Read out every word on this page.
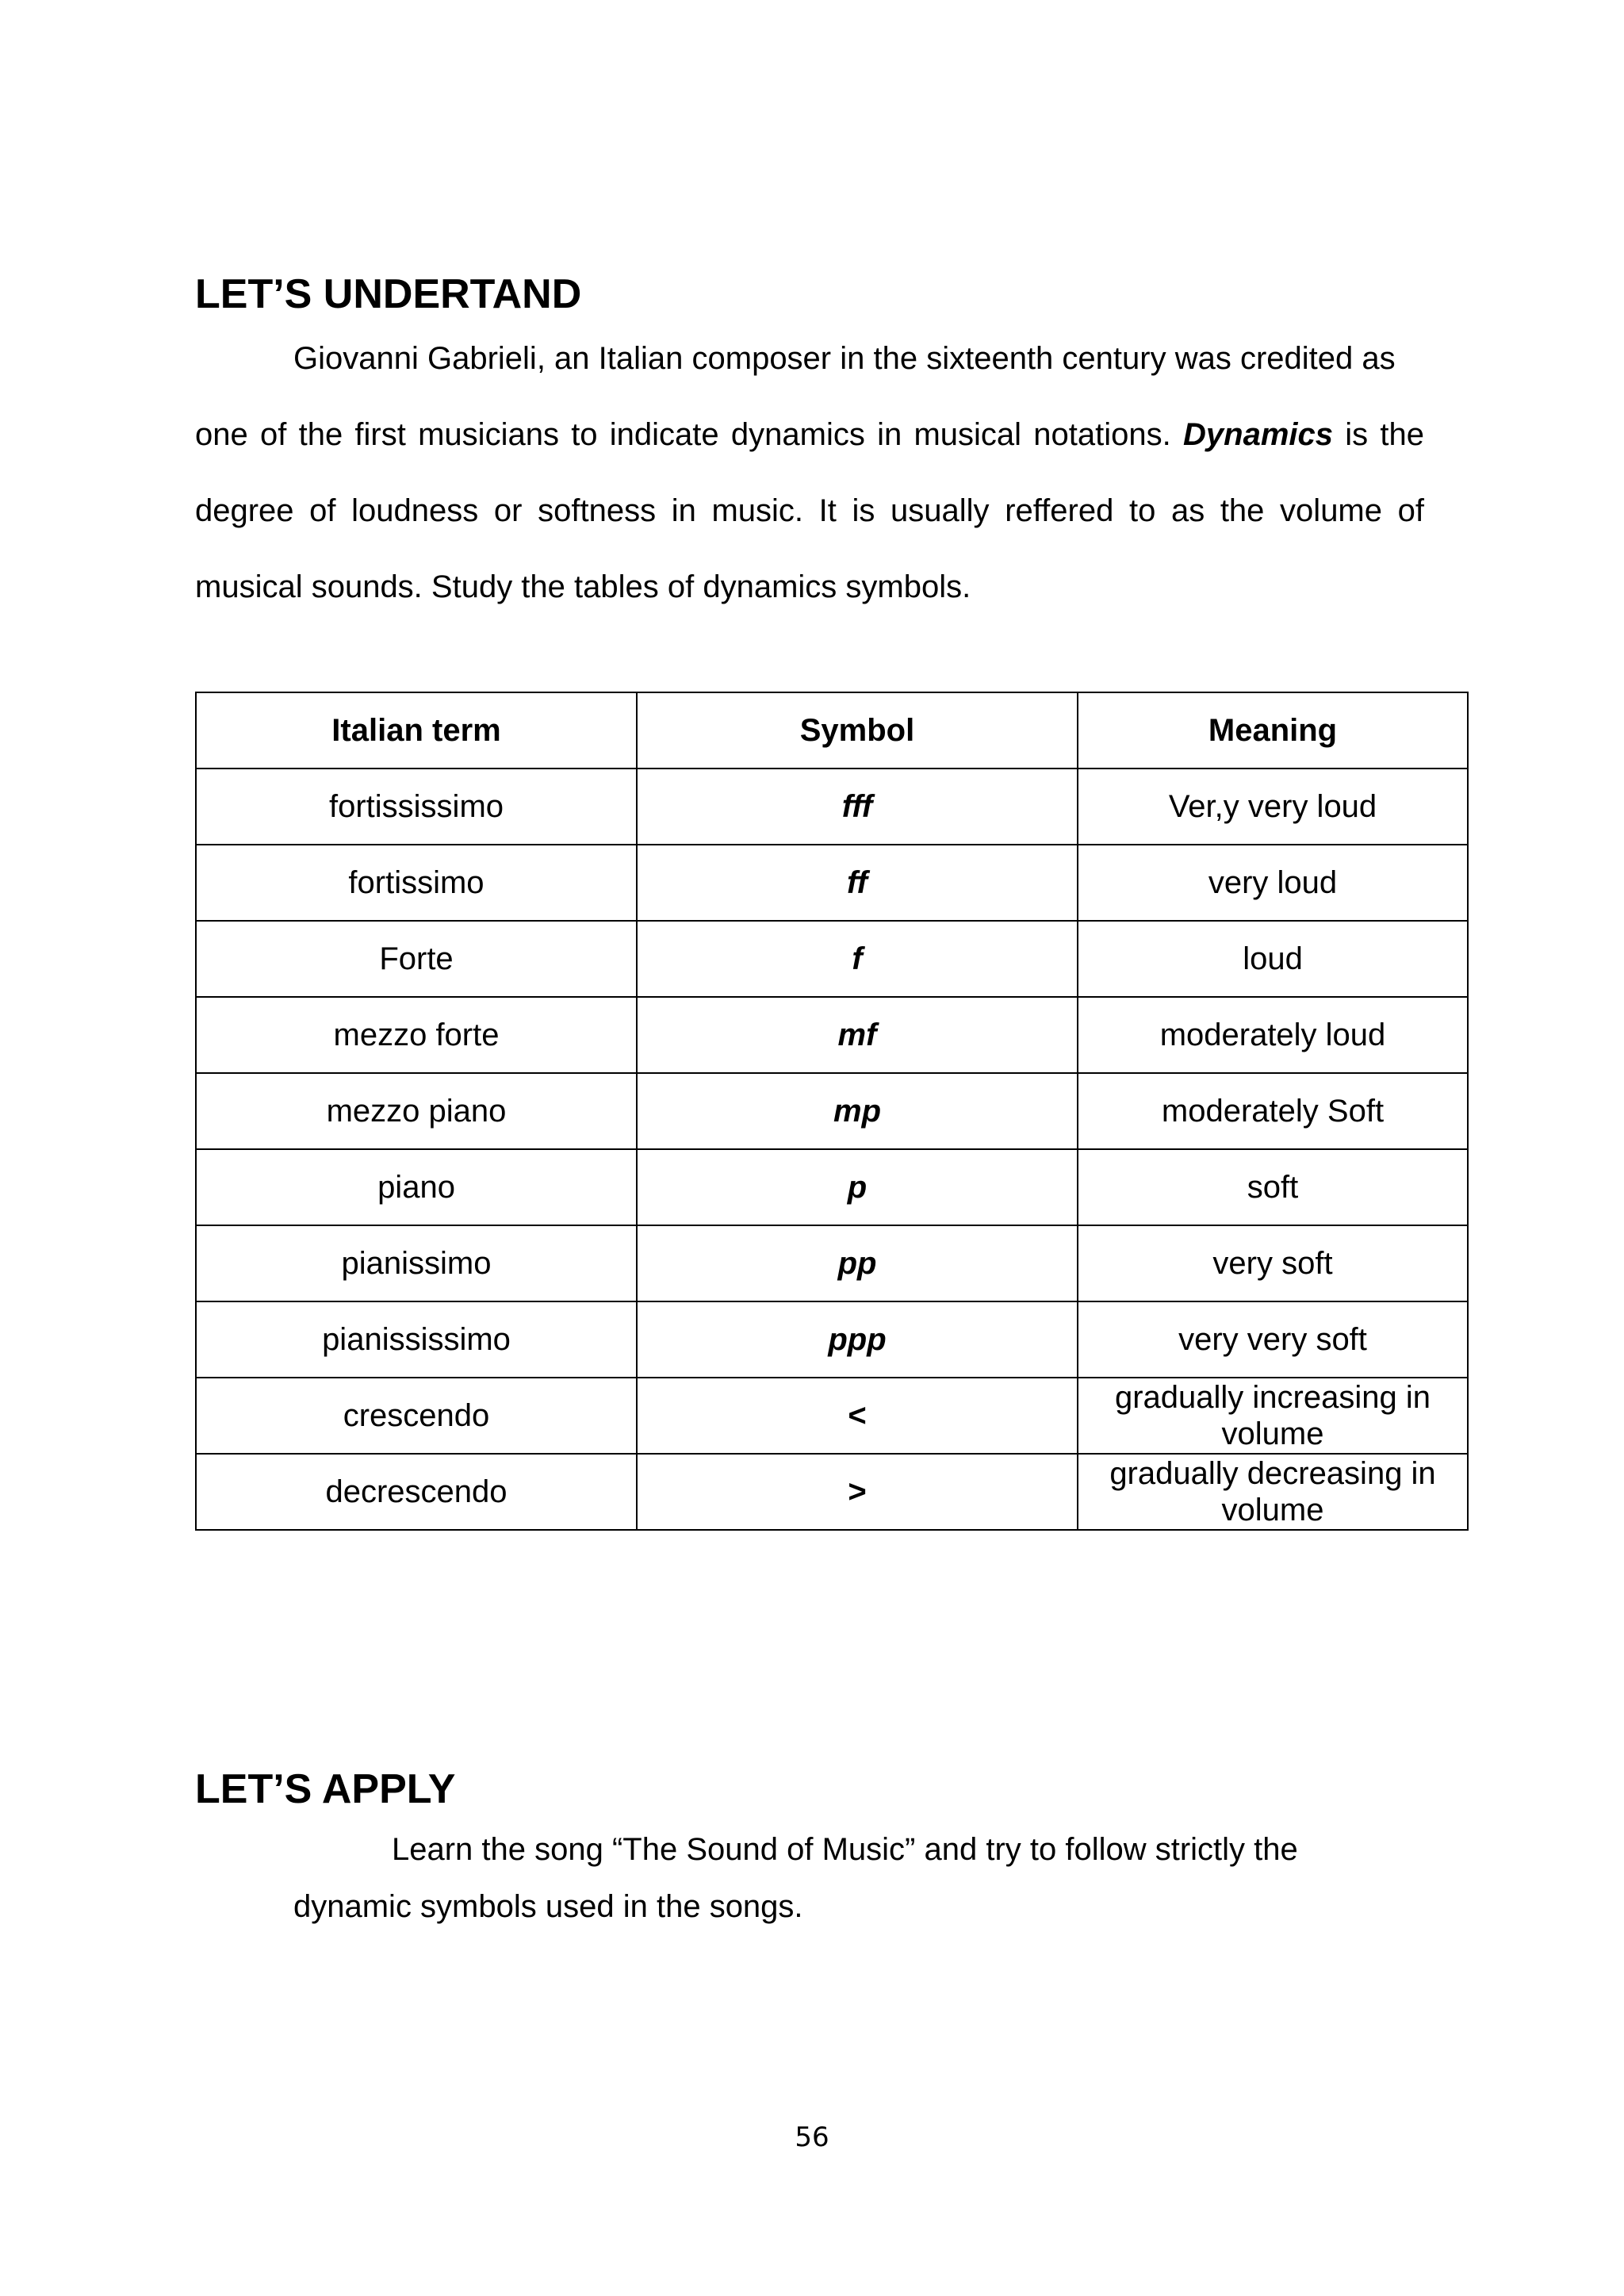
LET’S UNDERTAND
Giovanni Gabrieli, an Italian composer in the sixteenth century was credited as
one of the first musicians to indicate dynamics in musical notations. Dynamics is the
degree of loudness or softness in music. It is usually reffered to as the volume of
musical sounds. Study the tables of dynamics symbols.
Italian term	Symbol	Meaning
fortississimo	fff	Ver,y very loud
fortissimo	ff	very loud
Forte	f	loud
mezzo forte	mf	moderately loud
mezzo piano	mp	moderately Soft
piano	p	soft
pianissimo	pp	very soft
pianississimo	ppp	very very soft
crescendo	<	gradually increasing in volume
decrescendo	>	gradually decreasing in volume
LET’S APPLY
Learn the song “The Sound of Music” and try to follow strictly the
dynamic symbols used in the songs.
56
